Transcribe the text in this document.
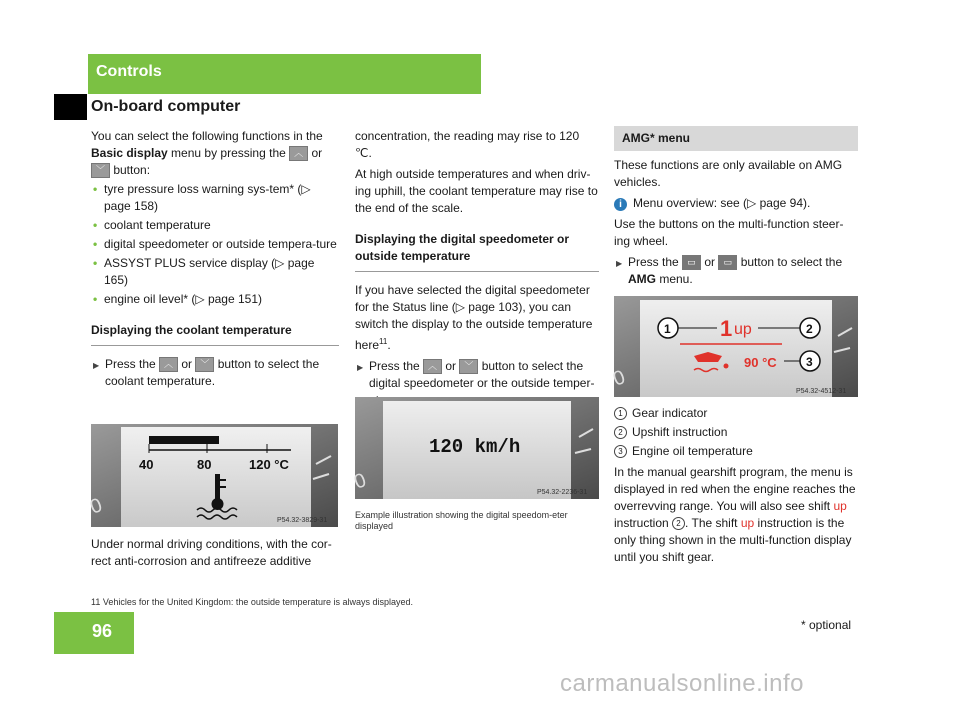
Controls
On-board computer

You can select the following functions in the
Basic display menu by pressing the ︿ or
﹀ button:

• tyre pressure loss warning sys-tem* (▷ page 158)

• coolant temperature

• digital speedometer or outside tempera-ture

• ASSYST PLUS service display (▷ page 165)

• engine oil level* (▷ page 151)

Displaying the coolant temperature

▶ Press the ︿ or ﹀ button to select the coolant temperature.

0
40	80	120 °C
P54.32-3829-31

Under normal driving conditions, with the cor-rect anti-corrosion and antifreeze additive

concentration, the reading may rise to 120 ℃.

At high outside temperatures and when driv-ing uphill, the coolant temperature may rise to the end of the scale.

Displaying the digital speedometer or outside temperature

If you have selected the digital speedometer for the Status line (▷ page 103), you can switch the display to the outside temperature here$^{11}$.

▶ Press the ︿ or ﹀ button to select the digital speedometer or the outside temper-

0
120 km/h
P54.32-2236-31

Example illustration showing the digital speedom-eter displayed

AMG* menu

These functions are only available on AMG vehicles.

i Menu overview: see (▷ page 94).

Use the buttons on the multi-function steer-ing wheel.

▶ Press the ▭ or ▭ button to select the
AMG menu.

0
1 1 up	2
90 °C 3
P54.32-4512-31

1 Gear indicator

2 Upshift instruction

3 Engine oil temperature

In the manual gearshift program, the menu is displayed in red when the engine reaches the overrevving range. You will also see shift up instruction 2 . The shift up instruction is the only thing shown in the multi-function display until you shift gear.

11 Vehicles for the United Kingdom: the outside temperature is always displayed.
96	* optional
carmanualsonline.info
